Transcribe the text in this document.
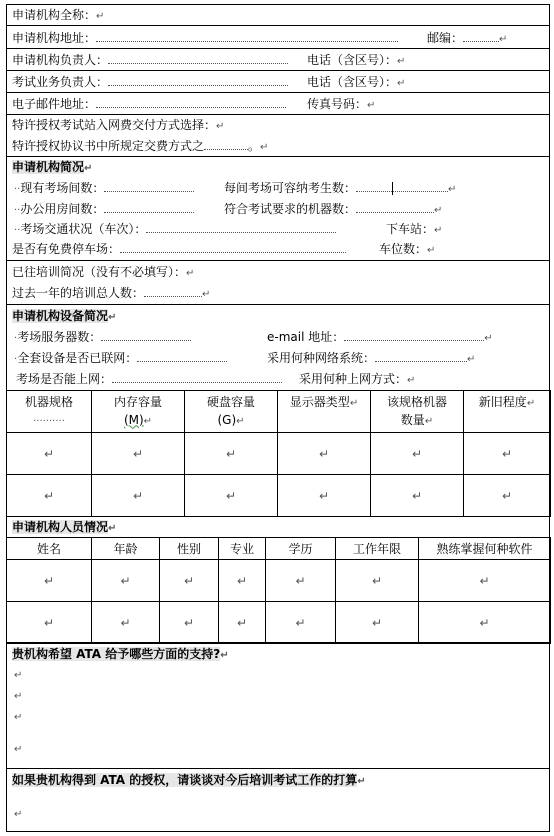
申请机构全称：↵
申请机构地址：	邮编：	↵
申请机构负责人：	电话（含区号）：↵
考试业务负责人：	电话（含区号）：↵
电子邮件地址：	传真号码：↵
特许授权考试站入网费交付方式选择：↵
特许授权协议书中所规定交费方式之	。↵
申请机构简况↵
··现有考场间数：	每间考场可容纳考生数：	↵
··办公用房间数：	符合考试要求的机器数：	↵
··考场交通状况（车次）：	下车站：↵
是否有免费停车场：	车位数：↵
已往培训简况（没有不必填写）：↵
过去一年的培训总人数：	↵
申请机构设备简况↵
·考场服务器数：	e-mail 地址：	↵
·全套设备是否已联网：	采用何种网络系统：	↵
考场是否能上网：	采用何种上网方式：↵
机器规格
··········	内存容量
(M)↵	硬盘容量
(G)↵	显示器类型↵	该规格机器
数量↵	新旧程度↵

↵	↵	↵	↵	↵	↵
↵	↵	↵	↵	↵	↵
申请机构人员情况↵
姓名	年龄	性别	专业	学历	工作年限	熟练掌握何种软件
↵	↵	↵	↵	↵	↵	↵
↵	↵	↵	↵	↵	↵	↵
贵机构希望 ATA 给予哪些方面的支持?↵
↵
↵
↵
↵
如果贵机构得到 ATA 的授权，请谈谈对今后培训考试工作的打算↵
↵
